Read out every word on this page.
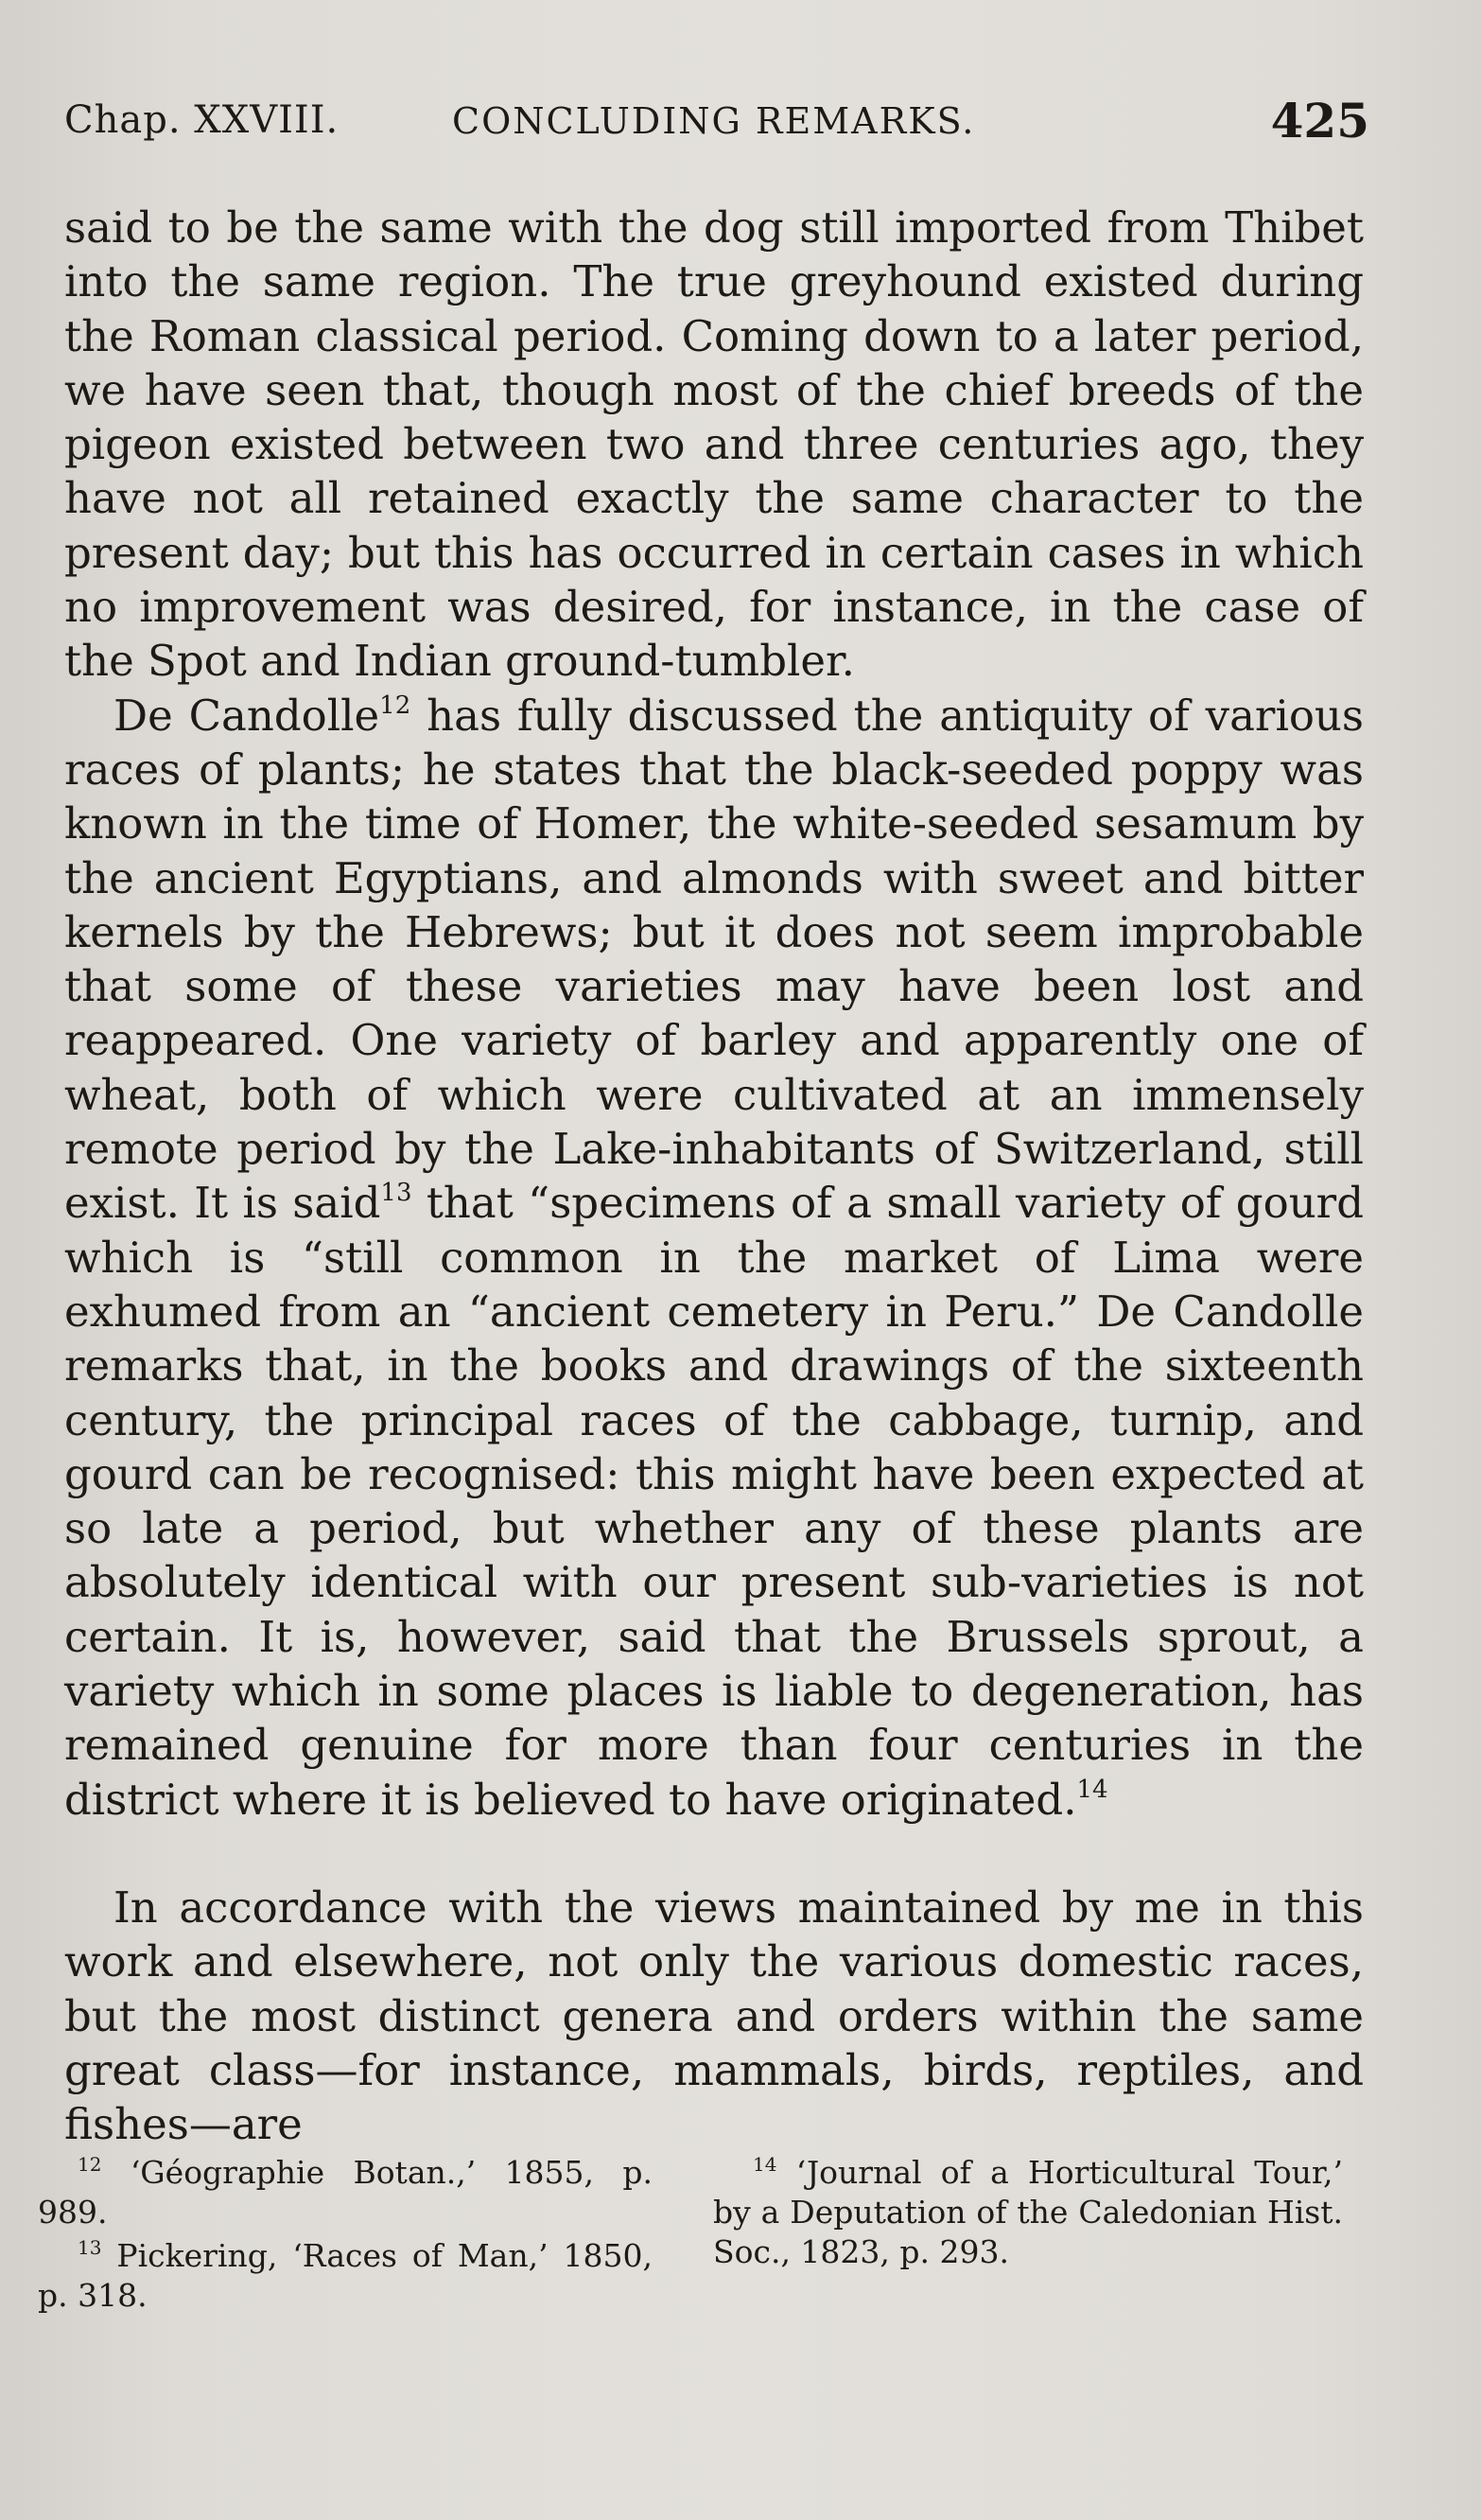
Chap. XXVIII.	CONCLUDING REMARKS.	425

said to be the same with the dog still imported from Thibet into the same region. The true greyhound existed during the Roman classical period. Coming down to a later period, we have seen that, though most of the chief breeds of the pigeon existed between two and three centuries ago, they have not all retained exactly the same character to the present day; but this has occurred in certain cases in which no improvement was desired, for instance, in the case of the Spot and Indian ground-tumbler.

De Candolle$^{12}$ has fully discussed the antiquity of various races of plants; he states that the black-seeded poppy was known in the time of Homer, the white-seeded sesamum by the ancient Egyptians, and almonds with sweet and bitter kernels by the Hebrews; but it does not seem improbable that some of these varieties may have been lost and reappeared. One variety of barley and apparently one of wheat, both of which were cultivated at an immensely remote period by the Lake-inhabitants of Switzerland, still exist. It is said$^{13}$ that “specimens of a small variety of gourd which is “still common in the market of Lima were exhumed from an “ancient cemetery in Peru.” De Candolle remarks that, in the books and drawings of the sixteenth century, the principal races of the cabbage, turnip, and gourd can be recognised: this might have been expected at so late a period, but whether any of these plants are absolutely identical with our present sub-varieties is not certain. It is, however, said that the Brussels sprout, a variety which in some places is liable to degeneration, has remained genuine for more than four centuries in the district where it is believed to have originated.$^{14}$

In accordance with the views maintained by me in this work and elsewhere, not only the various domestic races, but the most distinct genera and orders within the same great class—for instance, mammals, birds, reptiles, and fishes—are

$^{12}$ ‘Géographie Botan.,’ 1855, p. 989.

$^{13}$ Pickering, ‘Races of Man,’ 1850, p. 318.

$^{14}$ ‘Journal of a Horticultural Tour,’ by a Deputation of the Caledonian Hist. Soc., 1823, p. 293.
